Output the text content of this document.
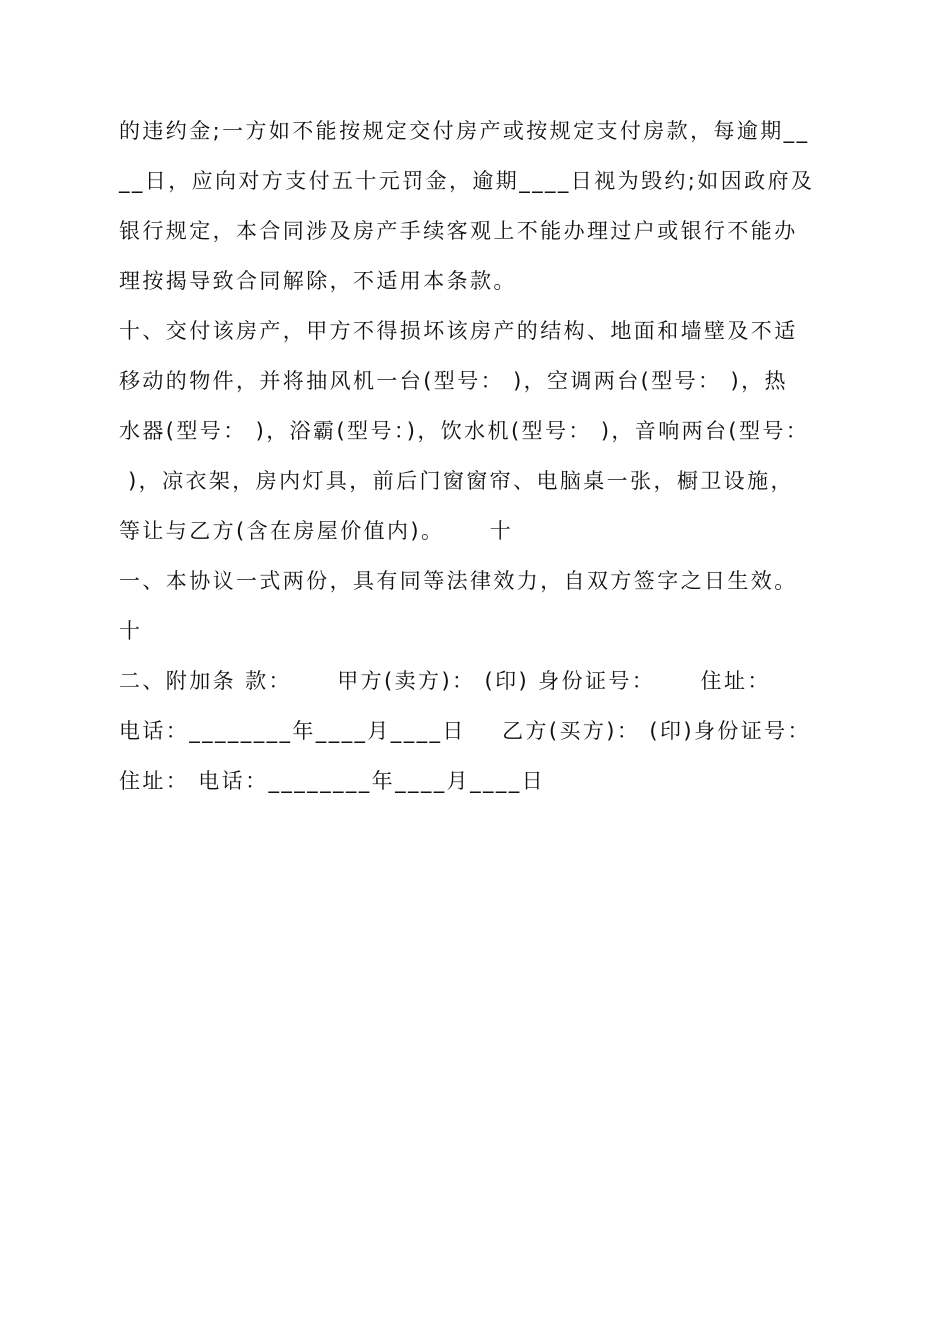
的违约金;一方如不能按规定交付房产或按规定支付房款，每逾期__
__日，应向对方支付五十元罚金，逾期____日视为毁约;如因政府及
银行规定，本合同涉及房产手续客观上不能办理过户或银行不能办
理按揭导致合同解除，不适用本条款。
十、交付该房产，甲方不得损坏该房产的结构、地面和墙壁及不适
移动的物件，并将抽风机一台(型号： )，空调两台(型号： )，热
水器(型号： )，浴霸(型号：)，饮水机(型号： )，音响两台(型号：
)，凉衣架，房内灯具，前后门窗窗帘、电脑桌一张，橱卫设施，
等让与乙方(含在房屋价值内)。     十
一、本协议一式两份，具有同等法律效力，自双方签字之日生效。
十
二、附加条 款：     甲方(卖方)： (印) 身份证号：     住址：
电话：________年____月____日    乙方(买方)： (印)身份证号：
住址： 电话：________年____月____日
